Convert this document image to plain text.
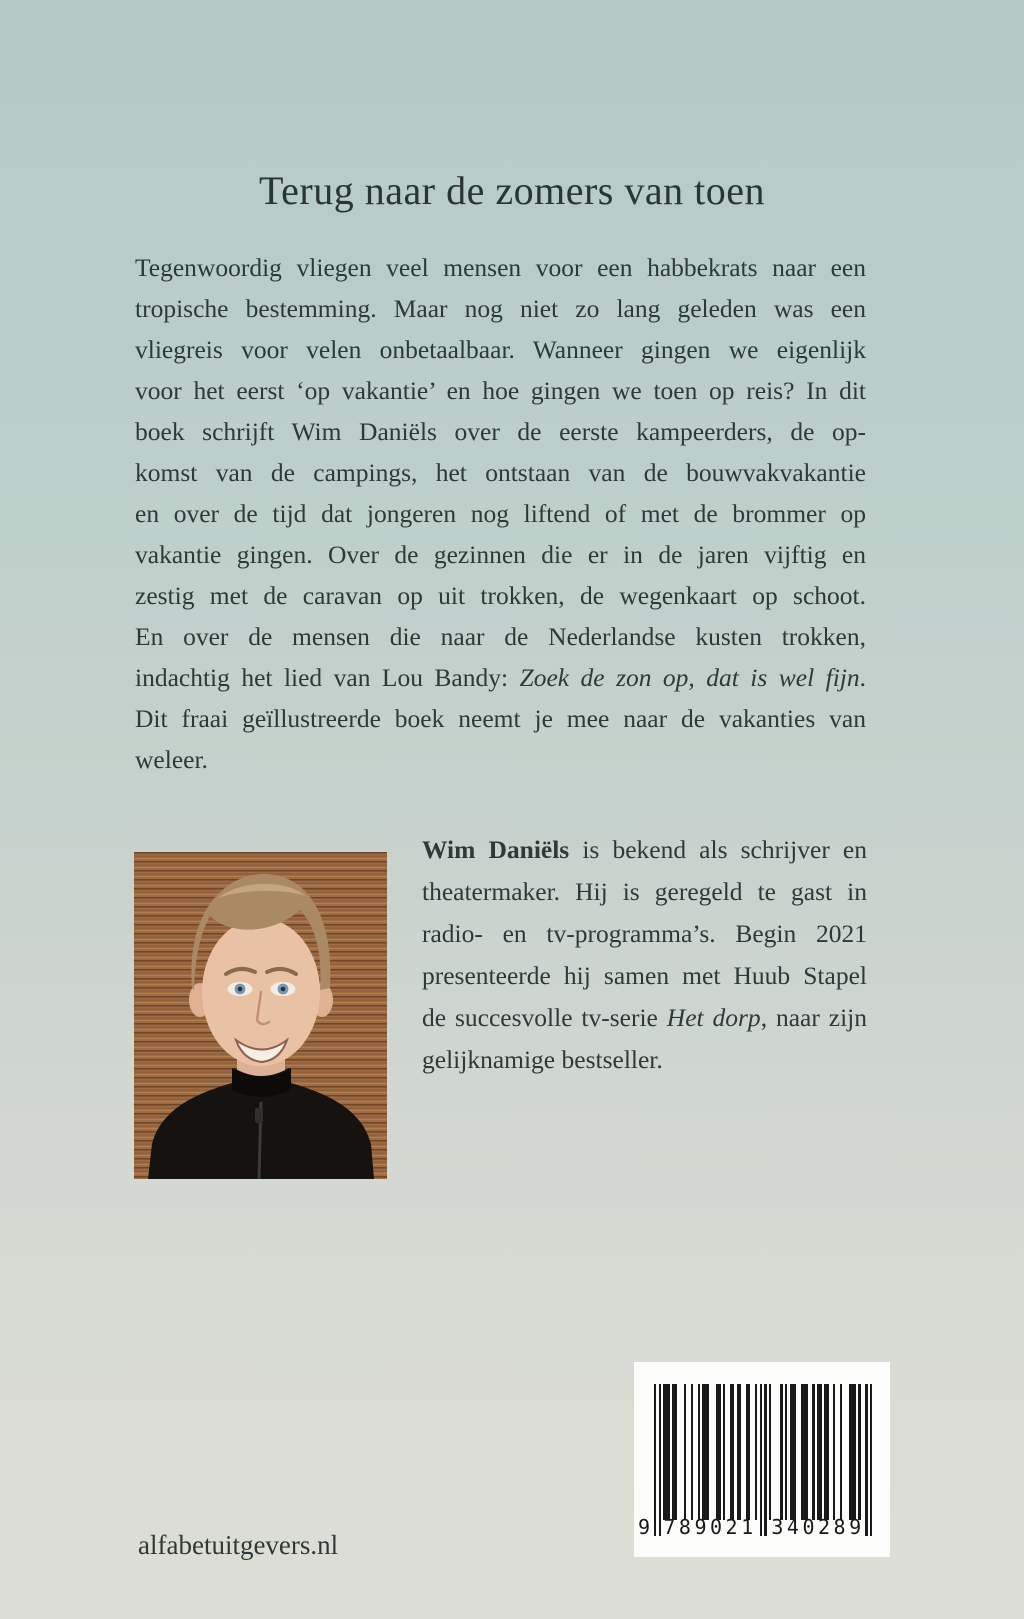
Terug naar de zomers van toen
Tegenwoordig vliegen veel mensen voor een habbekrats naar een
tropische bestemming. Maar nog niet zo lang geleden was een
vliegreis voor velen onbetaalbaar. Wanneer gingen we eigenlijk
voor het eerst ‘op vakantie’ en hoe gingen we toen op reis? In dit
boek schrijft Wim Daniëls over de eerste kampeerders, de op-
komst van de campings, het ontstaan van de bouwvakvakantie
en over de tijd dat jongeren nog liftend of met de brommer op
vakantie gingen. Over de gezinnen die er in de jaren vijftig en
zestig met de caravan op uit trokken, de wegenkaart op schoot.
En over de mensen die naar de Nederlandse kusten trokken,
indachtig het lied van Lou Bandy: Zoek de zon op, dat is wel fijn.
Dit fraai geïllustreerde boek neemt je mee naar de vakanties van
weleer.
Wim Daniëls is bekend als schrijver en
theatermaker. Hij is geregeld te gast in
radio- en tv-programma’s. Begin 2021
presenteerde hij samen met Huub Stapel
de succesvolle tv-serie Het dorp, naar zijn
gelijknamige bestseller.
9 789021 340289
alfabetuitgevers.nl
